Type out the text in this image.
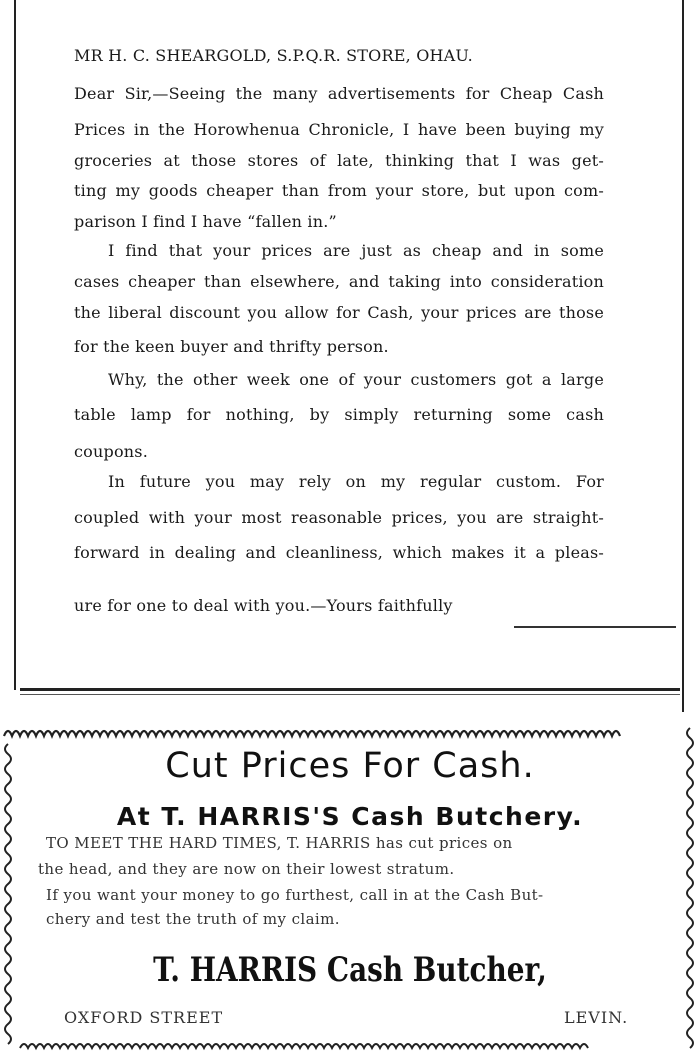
MR H. C. SHEARGOLD, S.P.Q.R. STORE, OHAU.
Dear Sir,—Seeing the many advertisements for Cheap Cash
Prices in the Horowhenua Chronicle, I have been buying my
groceries at those stores of late, thinking that I was get-
ting my goods cheaper than from your store, but upon com-
parison I find I have “fallen in.”
I find that your prices are just as cheap and in some
cases cheaper than elsewhere, and taking into consideration
the liberal discount you allow for Cash, your prices are those
for the keen buyer and thrifty person.
Why, the other week one of your customers got a large
table lamp for nothing, by simply returning some cash
coupons.
In future you may rely on my regular custom. For
coupled with your most reasonable prices, you are straight-
forward in dealing and cleanliness, which makes it a pleas-
ure for one to deal with you.—Yours faithfully
Cut Prices For Cash.
At T. HARRIS'S Cash Butchery.
TO MEET THE HARD TIMES, T. HARRIS has cut prices on
the head, and they are now on their lowest stratum.
If you want your money to go furthest, call in at the Cash But-
chery and test the truth of my claim.
T. HARRIS Cash Butcher,
OXFORD STREET	LEVIN.
